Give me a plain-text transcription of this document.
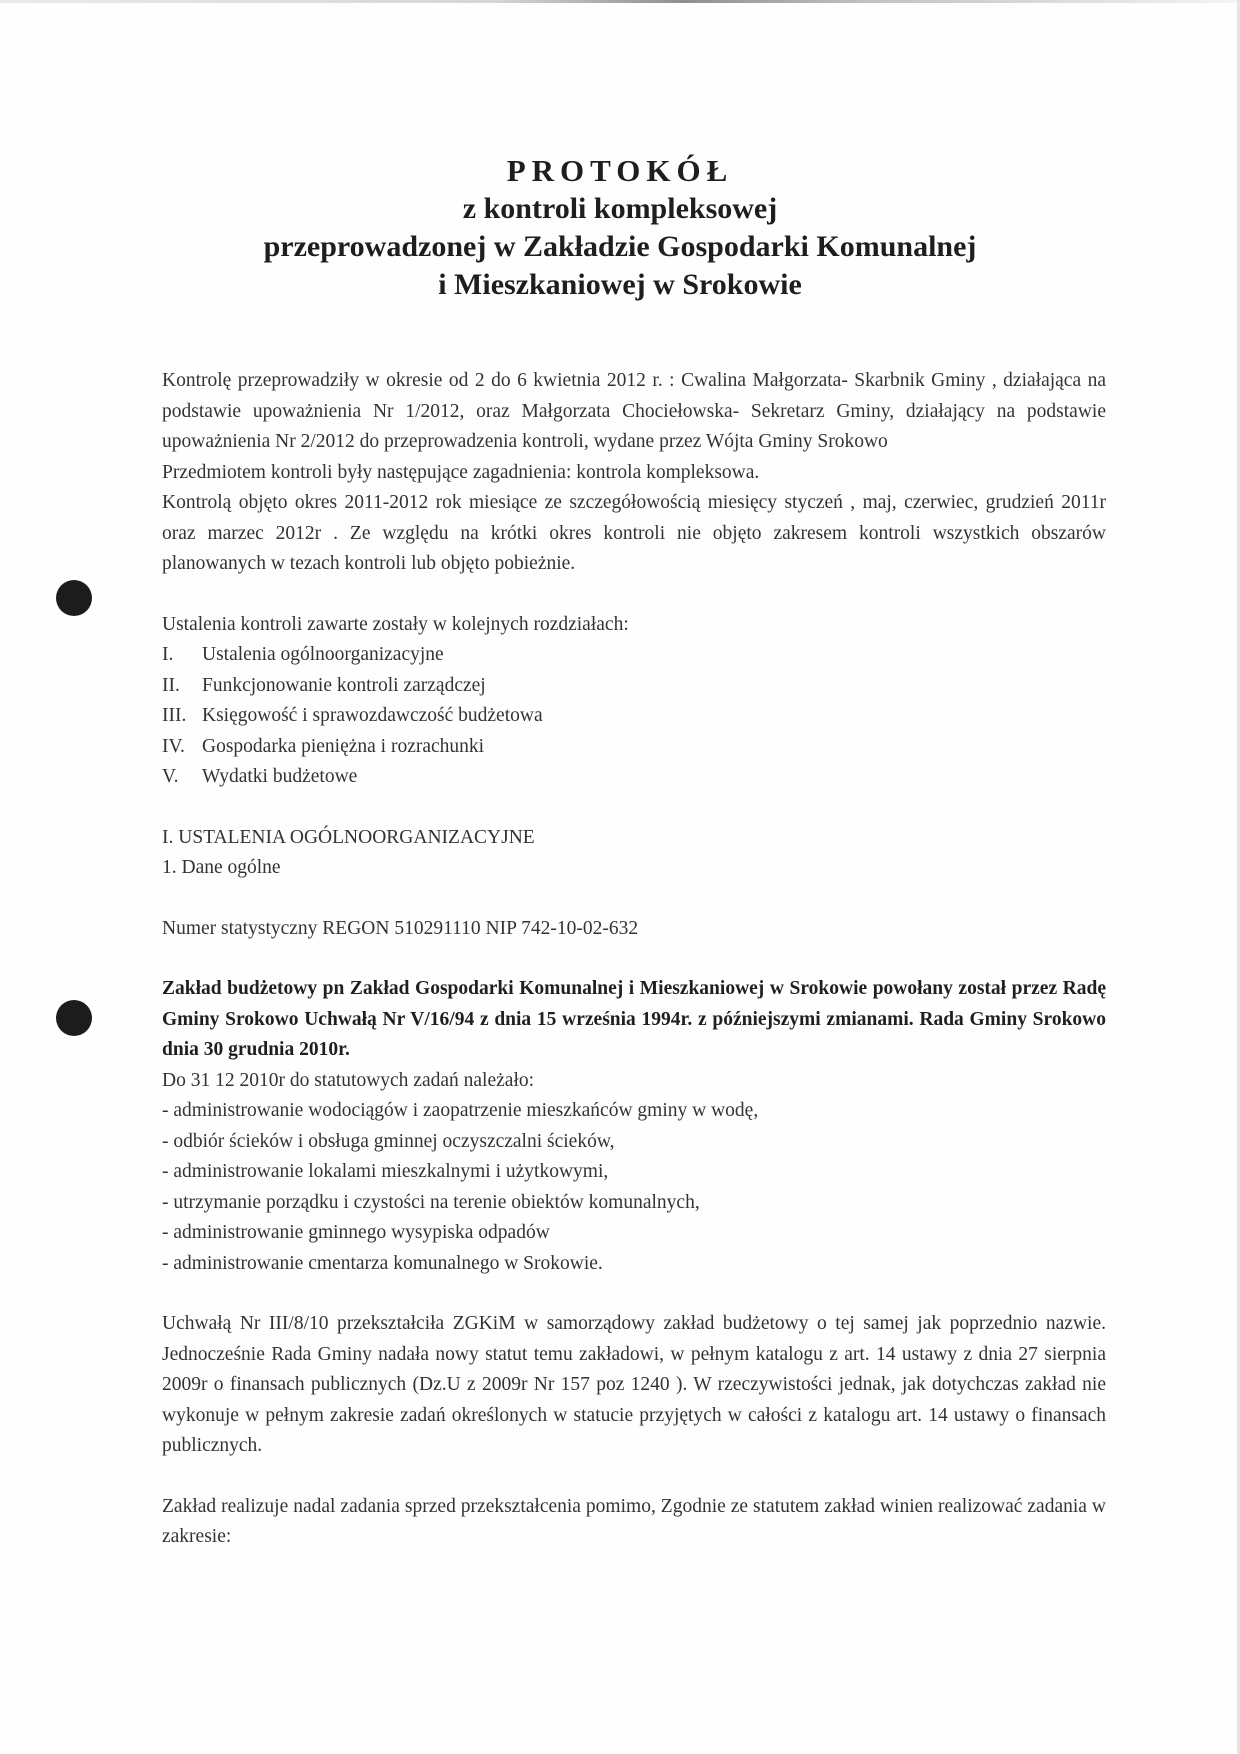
PROTOKÓŁ
z kontroli kompleksowej
przeprowadzonej w Zakładzie Gospodarki Komunalnej
i Mieszkaniowej w Srokowie

Kontrolę przeprowadziły w okresie od 2 do 6 kwietnia 2012 r. : Cwalina Małgorzata- Skarbnik Gminy , działająca na podstawie upoważnienia Nr 1/2012, oraz Małgorzata Chociełowska- Sekretarz Gminy, działający na podstawie upoważnienia Nr 2/2012 do przeprowadzenia kontroli, wydane przez Wójta Gminy Srokowo

Przedmiotem kontroli były następujące zagadnienia: kontrola kompleksowa.

Kontrolą objęto okres 2011-2012 rok miesiące ze szczegółowością miesięcy styczeń , maj, czerwiec, grudzień 2011r oraz marzec 2012r . Ze względu na krótki okres kontroli nie objęto zakresem kontroli wszystkich obszarów planowanych w tezach kontroli lub objęto pobieżnie.

Ustalenia kontroli zawarte zostały w kolejnych rozdziałach:

I.	Ustalenia ogólnoorganizacyjne
II.	Funkcjonowanie kontroli zarządczej
III. Księgowość i sprawozdawczość budżetowa
IV. Gospodarka pieniężna i rozrachunki
V.	Wydatki budżetowe

I. USTALENIA OGÓLNOORGANIZACYJNE

1. Dane ogólne

Numer statystyczny REGON 510291110 NIP 742-10-02-632

Zakład budżetowy pn Zakład Gospodarki Komunalnej i Mieszkaniowej w Srokowie powołany został przez Radę Gminy Srokowo Uchwałą Nr V/16/94 z dnia 15 września 1994r. z późniejszymi zmianami. Rada Gminy Srokowo dnia 30 grudnia 2010r.

Do 31 12 2010r do statutowych zadań należało:

- administrowanie wodociągów i zaopatrzenie mieszkańców gminy w wodę,

- odbiór ścieków i obsługa gminnej oczyszczalni ścieków,

- administrowanie lokalami mieszkalnymi i użytkowymi,

- utrzymanie porządku i czystości na terenie obiektów komunalnych,

- administrowanie gminnego wysypiska odpadów

- administrowanie cmentarza komunalnego w Srokowie.

Uchwałą Nr III/8/10 przekształciła ZGKiM w samorządowy zakład budżetowy o tej samej jak poprzednio nazwie. Jednocześnie Rada Gminy nadała nowy statut temu zakładowi, w pełnym katalogu z art. 14 ustawy z dnia 27 sierpnia 2009r o finansach publicznych (Dz.U z 2009r Nr 157 poz 1240 ). W rzeczywistości jednak, jak dotychczas zakład nie wykonuje w pełnym zakresie zadań określonych w statucie przyjętych w całości z katalogu art. 14 ustawy o finansach publicznych.

Zakład realizuje nadal zadania sprzed przekształcenia pomimo, Zgodnie ze statutem zakład winien realizować zadania w zakresie:
